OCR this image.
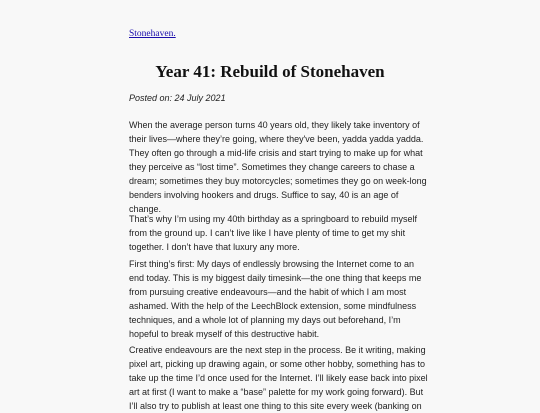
Stonehaven.
Year 41: Rebuild of Stonehaven
Posted on: 24 July 2021

When the average person turns 40 years old, they likely take inventory of
their lives—where they’re going, where they've been, yadda yadda yadda.
They often go through a mid-life crisis and start trying to make up for what
they perceive as “lost time”. Sometimes they change careers to chase a
dream; sometimes they buy motorcycles; sometimes they go on week-long
benders involving hookers and drugs. Suffice to say, 40 is an age of
change.

That’s why I’m using my 40th birthday as a springboard to rebuild myself
from the ground up. I can’t live like I have plenty of time to get my shit
together. I don’t have that luxury any more.

First thing’s first: My days of endlessly browsing the Internet come to an
end today. This is my biggest daily timesink—the one thing that keeps me
from pursuing creative endeavours—and the habit of which I am most
ashamed. With the help of the LeechBlock extension, some mindfulness
techniques, and a whole lot of planning my days out beforehand, I’m
hopeful to break myself of this destructive habit.

Creative endeavours are the next step in the process. Be it writing, making
pixel art, picking up drawing again, or some other hobby, something has to
take up the time I’d once used for the Internet. I’ll likely ease back into pixel
art at first (I want to make a “base” palette for my work going forward). But
I’ll also try to publish at least one thing to this site every week (banking on
